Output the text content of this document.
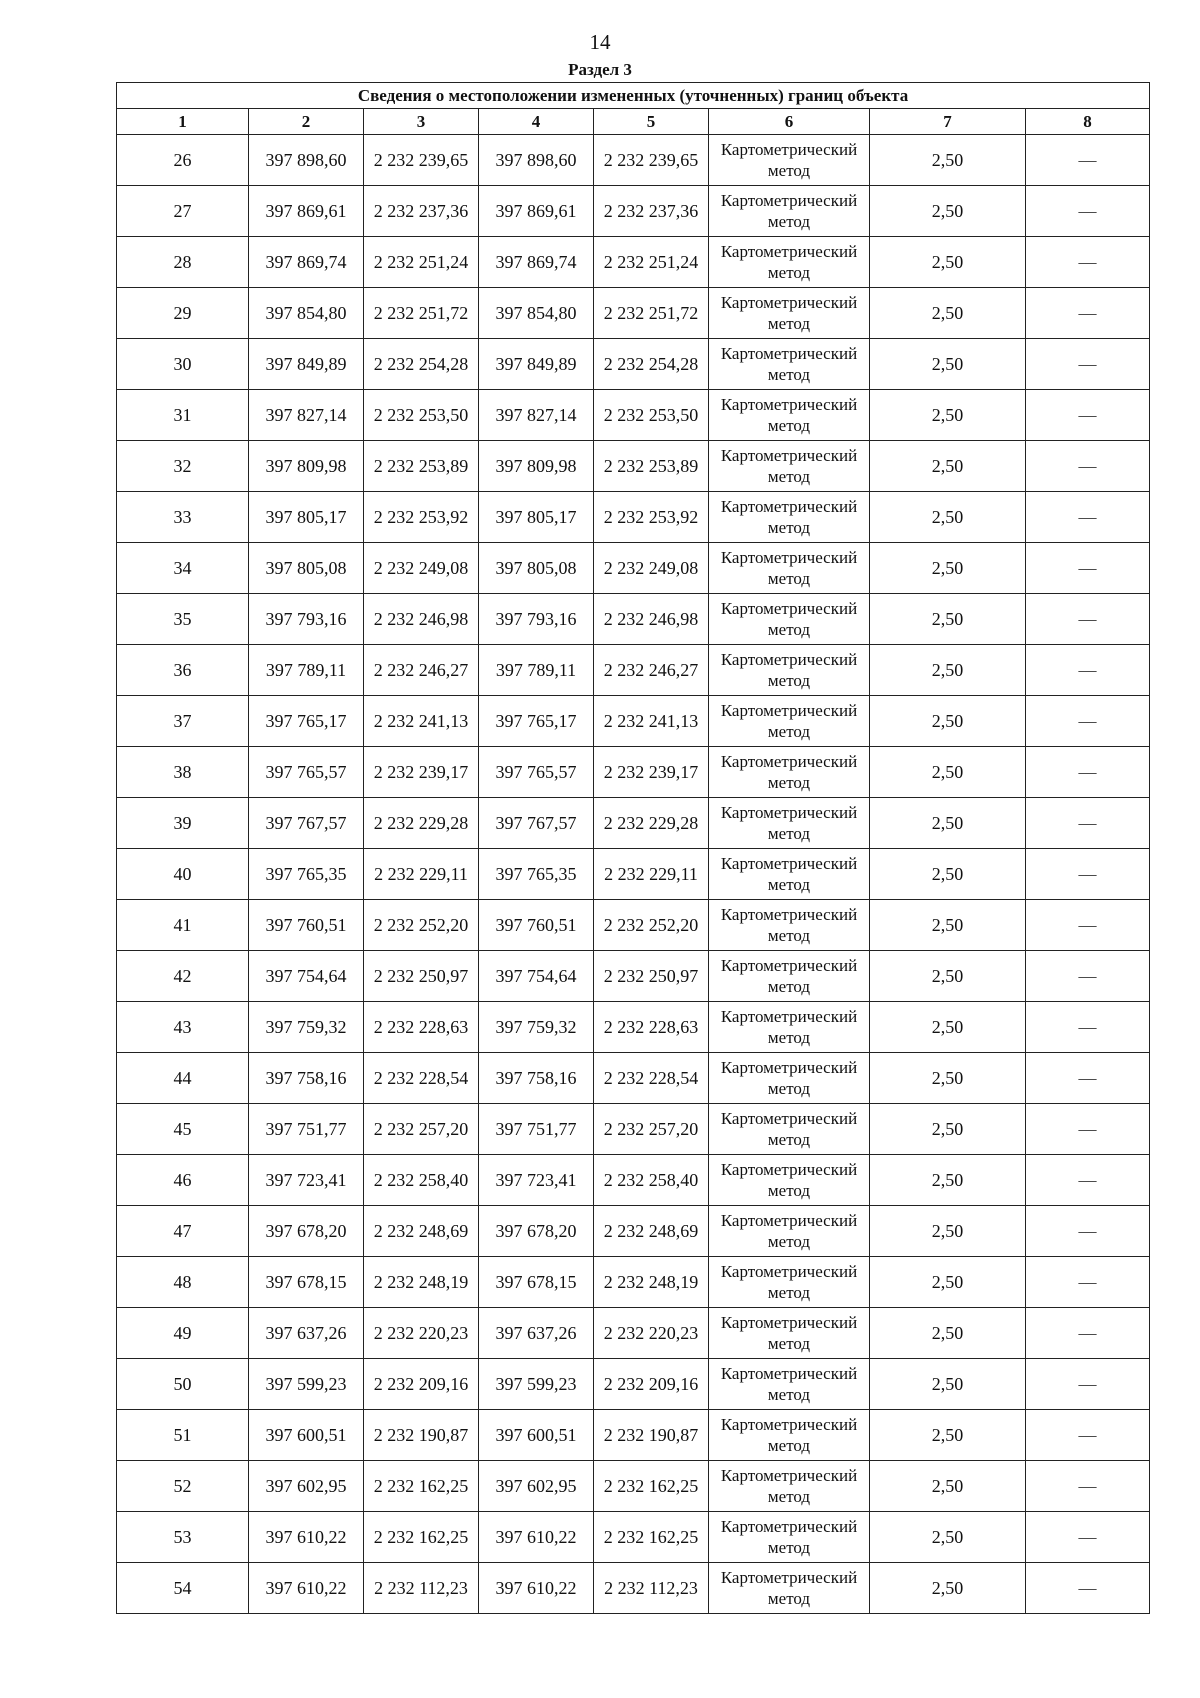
14
Раздел 3
Сведения о местоположении измененных (уточненных) границ объекта							
1	2	3	4	5	6	7	8
26	397 898,60	2 232 239,65	397 898,60	2 232 239,65	Картометрический метод	2,50	—
27	397 869,61	2 232 237,36	397 869,61	2 232 237,36	Картометрический метод	2,50	—
28	397 869,74	2 232 251,24	397 869,74	2 232 251,24	Картометрический метод	2,50	—
29	397 854,80	2 232 251,72	397 854,80	2 232 251,72	Картометрический метод	2,50	—
30	397 849,89	2 232 254,28	397 849,89	2 232 254,28	Картометрический метод	2,50	—
31	397 827,14	2 232 253,50	397 827,14	2 232 253,50	Картометрический метод	2,50	—
32	397 809,98	2 232 253,89	397 809,98	2 232 253,89	Картометрический метод	2,50	—
33	397 805,17	2 232 253,92	397 805,17	2 232 253,92	Картометрический метод	2,50	—
34	397 805,08	2 232 249,08	397 805,08	2 232 249,08	Картометрический метод	2,50	—
35	397 793,16	2 232 246,98	397 793,16	2 232 246,98	Картометрический метод	2,50	—
36	397 789,11	2 232 246,27	397 789,11	2 232 246,27	Картометрический метод	2,50	—
37	397 765,17	2 232 241,13	397 765,17	2 232 241,13	Картометрический метод	2,50	—
38	397 765,57	2 232 239,17	397 765,57	2 232 239,17	Картометрический метод	2,50	—
39	397 767,57	2 232 229,28	397 767,57	2 232 229,28	Картометрический метод	2,50	—
40	397 765,35	2 232 229,11	397 765,35	2 232 229,11	Картометрический метод	2,50	—
41	397 760,51	2 232 252,20	397 760,51	2 232 252,20	Картометрический метод	2,50	—
42	397 754,64	2 232 250,97	397 754,64	2 232 250,97	Картометрический метод	2,50	—
43	397 759,32	2 232 228,63	397 759,32	2 232 228,63	Картометрический метод	2,50	—
44	397 758,16	2 232 228,54	397 758,16	2 232 228,54	Картометрический метод	2,50	—
45	397 751,77	2 232 257,20	397 751,77	2 232 257,20	Картометрический метод	2,50	—
46	397 723,41	2 232 258,40	397 723,41	2 232 258,40	Картометрический метод	2,50	—
47	397 678,20	2 232 248,69	397 678,20	2 232 248,69	Картометрический метод	2,50	—
48	397 678,15	2 232 248,19	397 678,15	2 232 248,19	Картометрический метод	2,50	—
49	397 637,26	2 232 220,23	397 637,26	2 232 220,23	Картометрический метод	2,50	—
50	397 599,23	2 232 209,16	397 599,23	2 232 209,16	Картометрический метод	2,50	—
51	397 600,51	2 232 190,87	397 600,51	2 232 190,87	Картометрический метод	2,50	—
52	397 602,95	2 232 162,25	397 602,95	2 232 162,25	Картометрический метод	2,50	—
53	397 610,22	2 232 162,25	397 610,22	2 232 162,25	Картометрический метод	2,50	—
54	397 610,22	2 232 112,23	397 610,22	2 232 112,23	Картометрический метод	2,50	—
